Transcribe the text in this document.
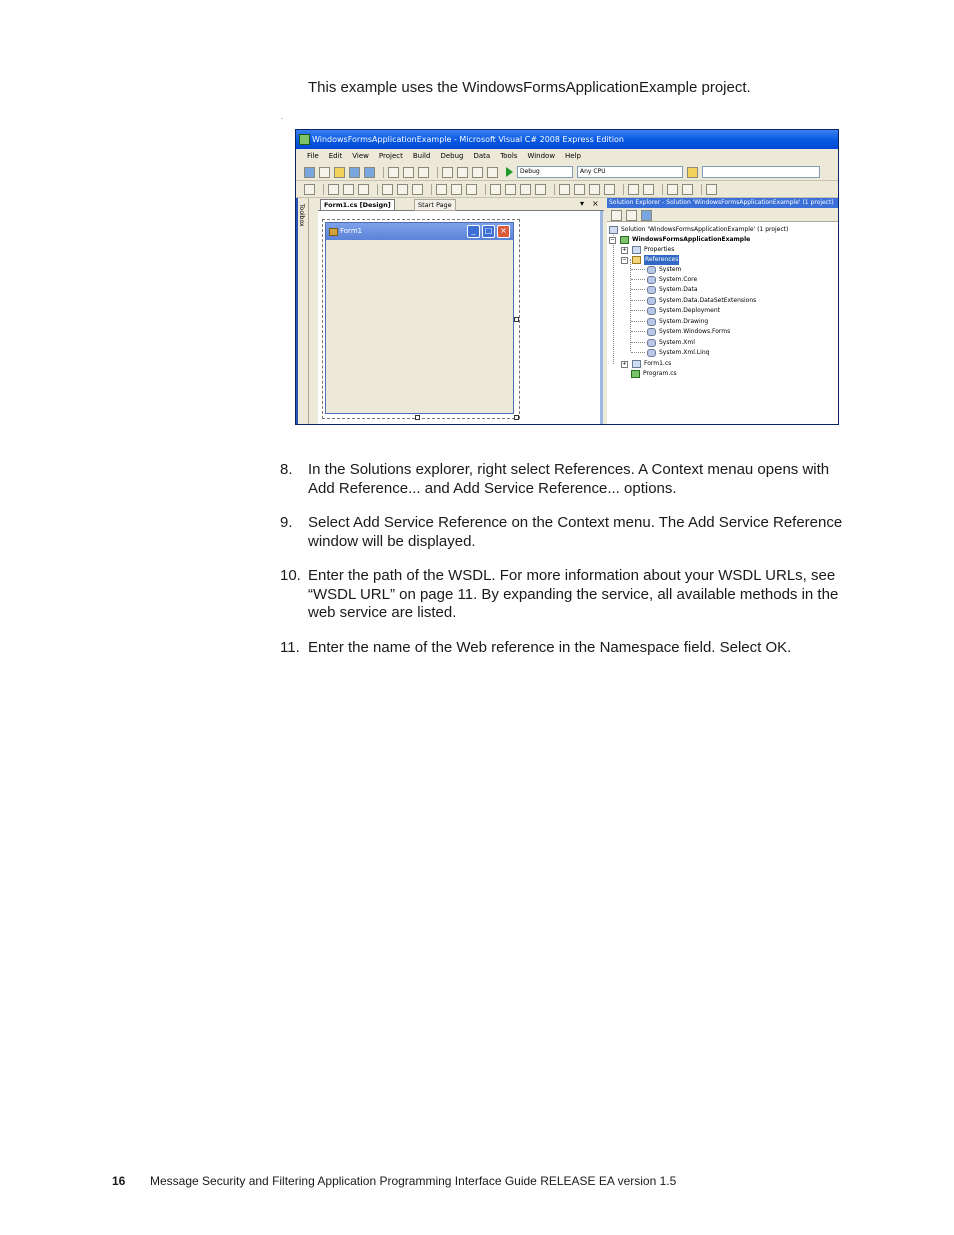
This example uses the WindowsFormsApplicationExample project.

.
WindowsFormsApplicationExample - Microsoft Visual C# 2008 Express Edition
File	Edit	View	Project	Build	Debug	Data	Tools	Window	Help
Debug	Any CPU
Toolbox	Form1.cs [Design]	Start Page	▾ ×
Form1	_	□ ×
Solution Explorer - Solution 'WindowsFormsApplicationExample' (1 project)
Solution 'WindowsFormsApplicationExample' (1 project)
−	WindowsFormsApplicationExample
+	Properties
−	References
System
System.Core
System.Data
System.Data.DataSetExtensions
System.Deployment
System.Drawing
System.Windows.Forms
System.Xml
System.Xml.Linq
+	Form1.cs
Program.cs
8. In the Solutions explorer, right select References. A Context menau opens with Add Reference... and Add Service Reference... options.
9. Select Add Service Reference on the Context menu. The Add Service Reference window will be displayed.
10. Enter the path of the WSDL. For more information about your WSDL URLs, see “WSDL URL” on page 11. By expanding the service, all available methods in the web service are listed.
11. Enter the name of the Web reference in the Namespace field. Select OK.
16 Message Security and Filtering Application Programming Interface Guide RELEASE EA version 1.5
